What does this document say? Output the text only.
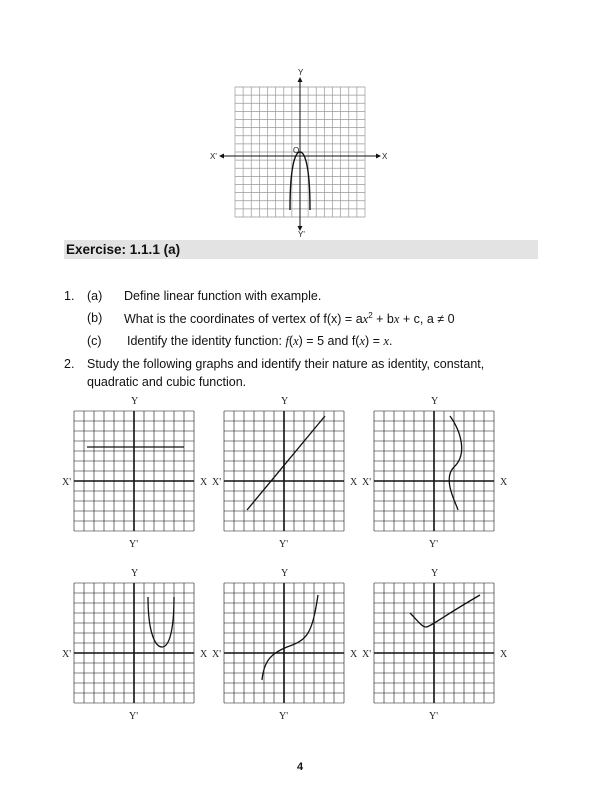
Y
Y'
X
X'
O
Exercise: 1.1.1 (a)
1. (a) Define linear function with example.
(b) What is the coordinates of vertex of $f(x) = ax^2$ + bx + c, a ≠ 0
(c) Identify the identity function: f(x) = 5 and f(x) = x.
2. Study the following graphs and identify their nature as identity, constant,
quadratic and cubic function.
Y
Y'
X
X'
Y
Y'
X
X'
Y
Y'
X
X'
Y
Y'
X
X'
Y
Y'
X
X'
Y
Y'
X
X'
4
